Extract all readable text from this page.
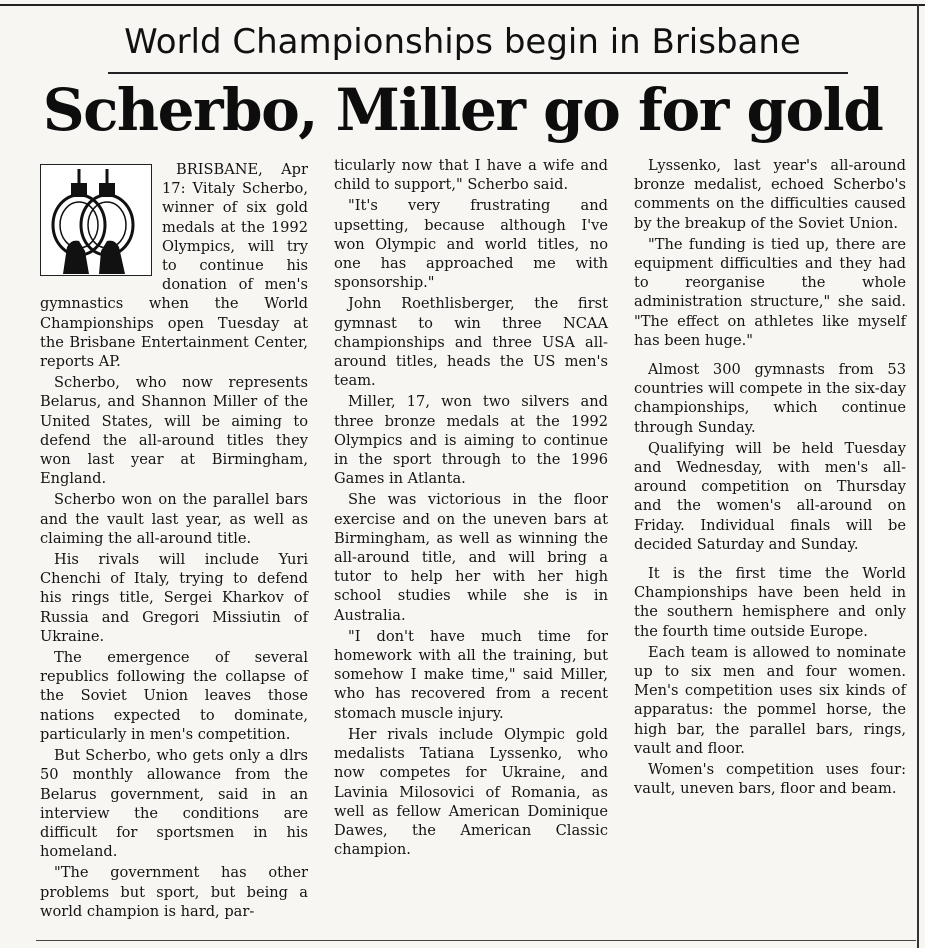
World Championships begin in Brisbane
Scherbo, Miller go for gold

BRISBANE, Apr 17: Vitaly Scherbo, winner of six gold medals at the 1992 Olympics, will try to continue his donation of men's gymnastics when the World Championships open Tuesday at the Brisbane Entertainment Center, reports AP.

Scherbo, who now represents Belarus, and Shannon Miller of the United States, will be aiming to defend the all-around titles they won last year at Birmingham, England.

Scherbo won on the parallel bars and the vault last year, as well as claiming the all-around title.

His rivals will include Yuri Chenchi of Italy, trying to defend his rings title, Sergei Kharkov of Russia and Gregori Missiutin of Ukraine.

The emergence of several republics following the collapse of the Soviet Union leaves those nations expected to dominate, particularly in men's competition.

But Scherbo, who gets only a dlrs 50 monthly allowance from the Belarus government, said in an interview the conditions are difficult for sportsmen in his homeland.

"The government has other problems but sport, but being a world champion is hard, par-

ticularly now that I have a wife and child to support," Scherbo said.

"It's very frustrating and upsetting, because although I've won Olympic and world titles, no one has approached me with sponsorship."

John Roethlisberger, the first gymnast to win three NCAA championships and three USA all-around titles, heads the US men's team.

Miller, 17, won two silvers and three bronze medals at the 1992 Olympics and is aiming to continue in the sport through to the 1996 Games in Atlanta.

She was victorious in the floor exercise and on the uneven bars at Birmingham, as well as winning the all-around title, and will bring a tutor to help her with her high school studies while she is in Australia.

"I don't have much time for homework with all the training, but somehow I make time," said Miller, who has recovered from a recent stomach muscle injury.

Her rivals include Olympic gold medalists Tatiana Lyssenko, who now competes for Ukraine, and Lavinia Milosovici of Romania, as well as fellow American Dominique Dawes, the American Classic champion.

Lyssenko, last year's all-around bronze medalist, echoed Scherbo's comments on the difficulties caused by the breakup of the Soviet Union.

"The funding is tied up, there are equipment difficulties and they had to reorganise the whole administration structure," she said. "The effect on athletes like myself has been huge."

Almost 300 gymnasts from 53 countries will compete in the six-day championships, which continue through Sunday.

Qualifying will be held Tuesday and Wednesday, with men's all-around competition on Thursday and the women's all-around on Friday. Individual finals will be decided Saturday and Sunday.

It is the first time the World Championships have been held in the southern hemisphere and only the fourth time outside Europe.

Each team is allowed to nominate up to six men and four women. Men's competition uses six kinds of apparatus: the pommel horse, the high bar, the parallel bars, rings, vault and floor.

Women's competition uses four: vault, uneven bars, floor and beam.
